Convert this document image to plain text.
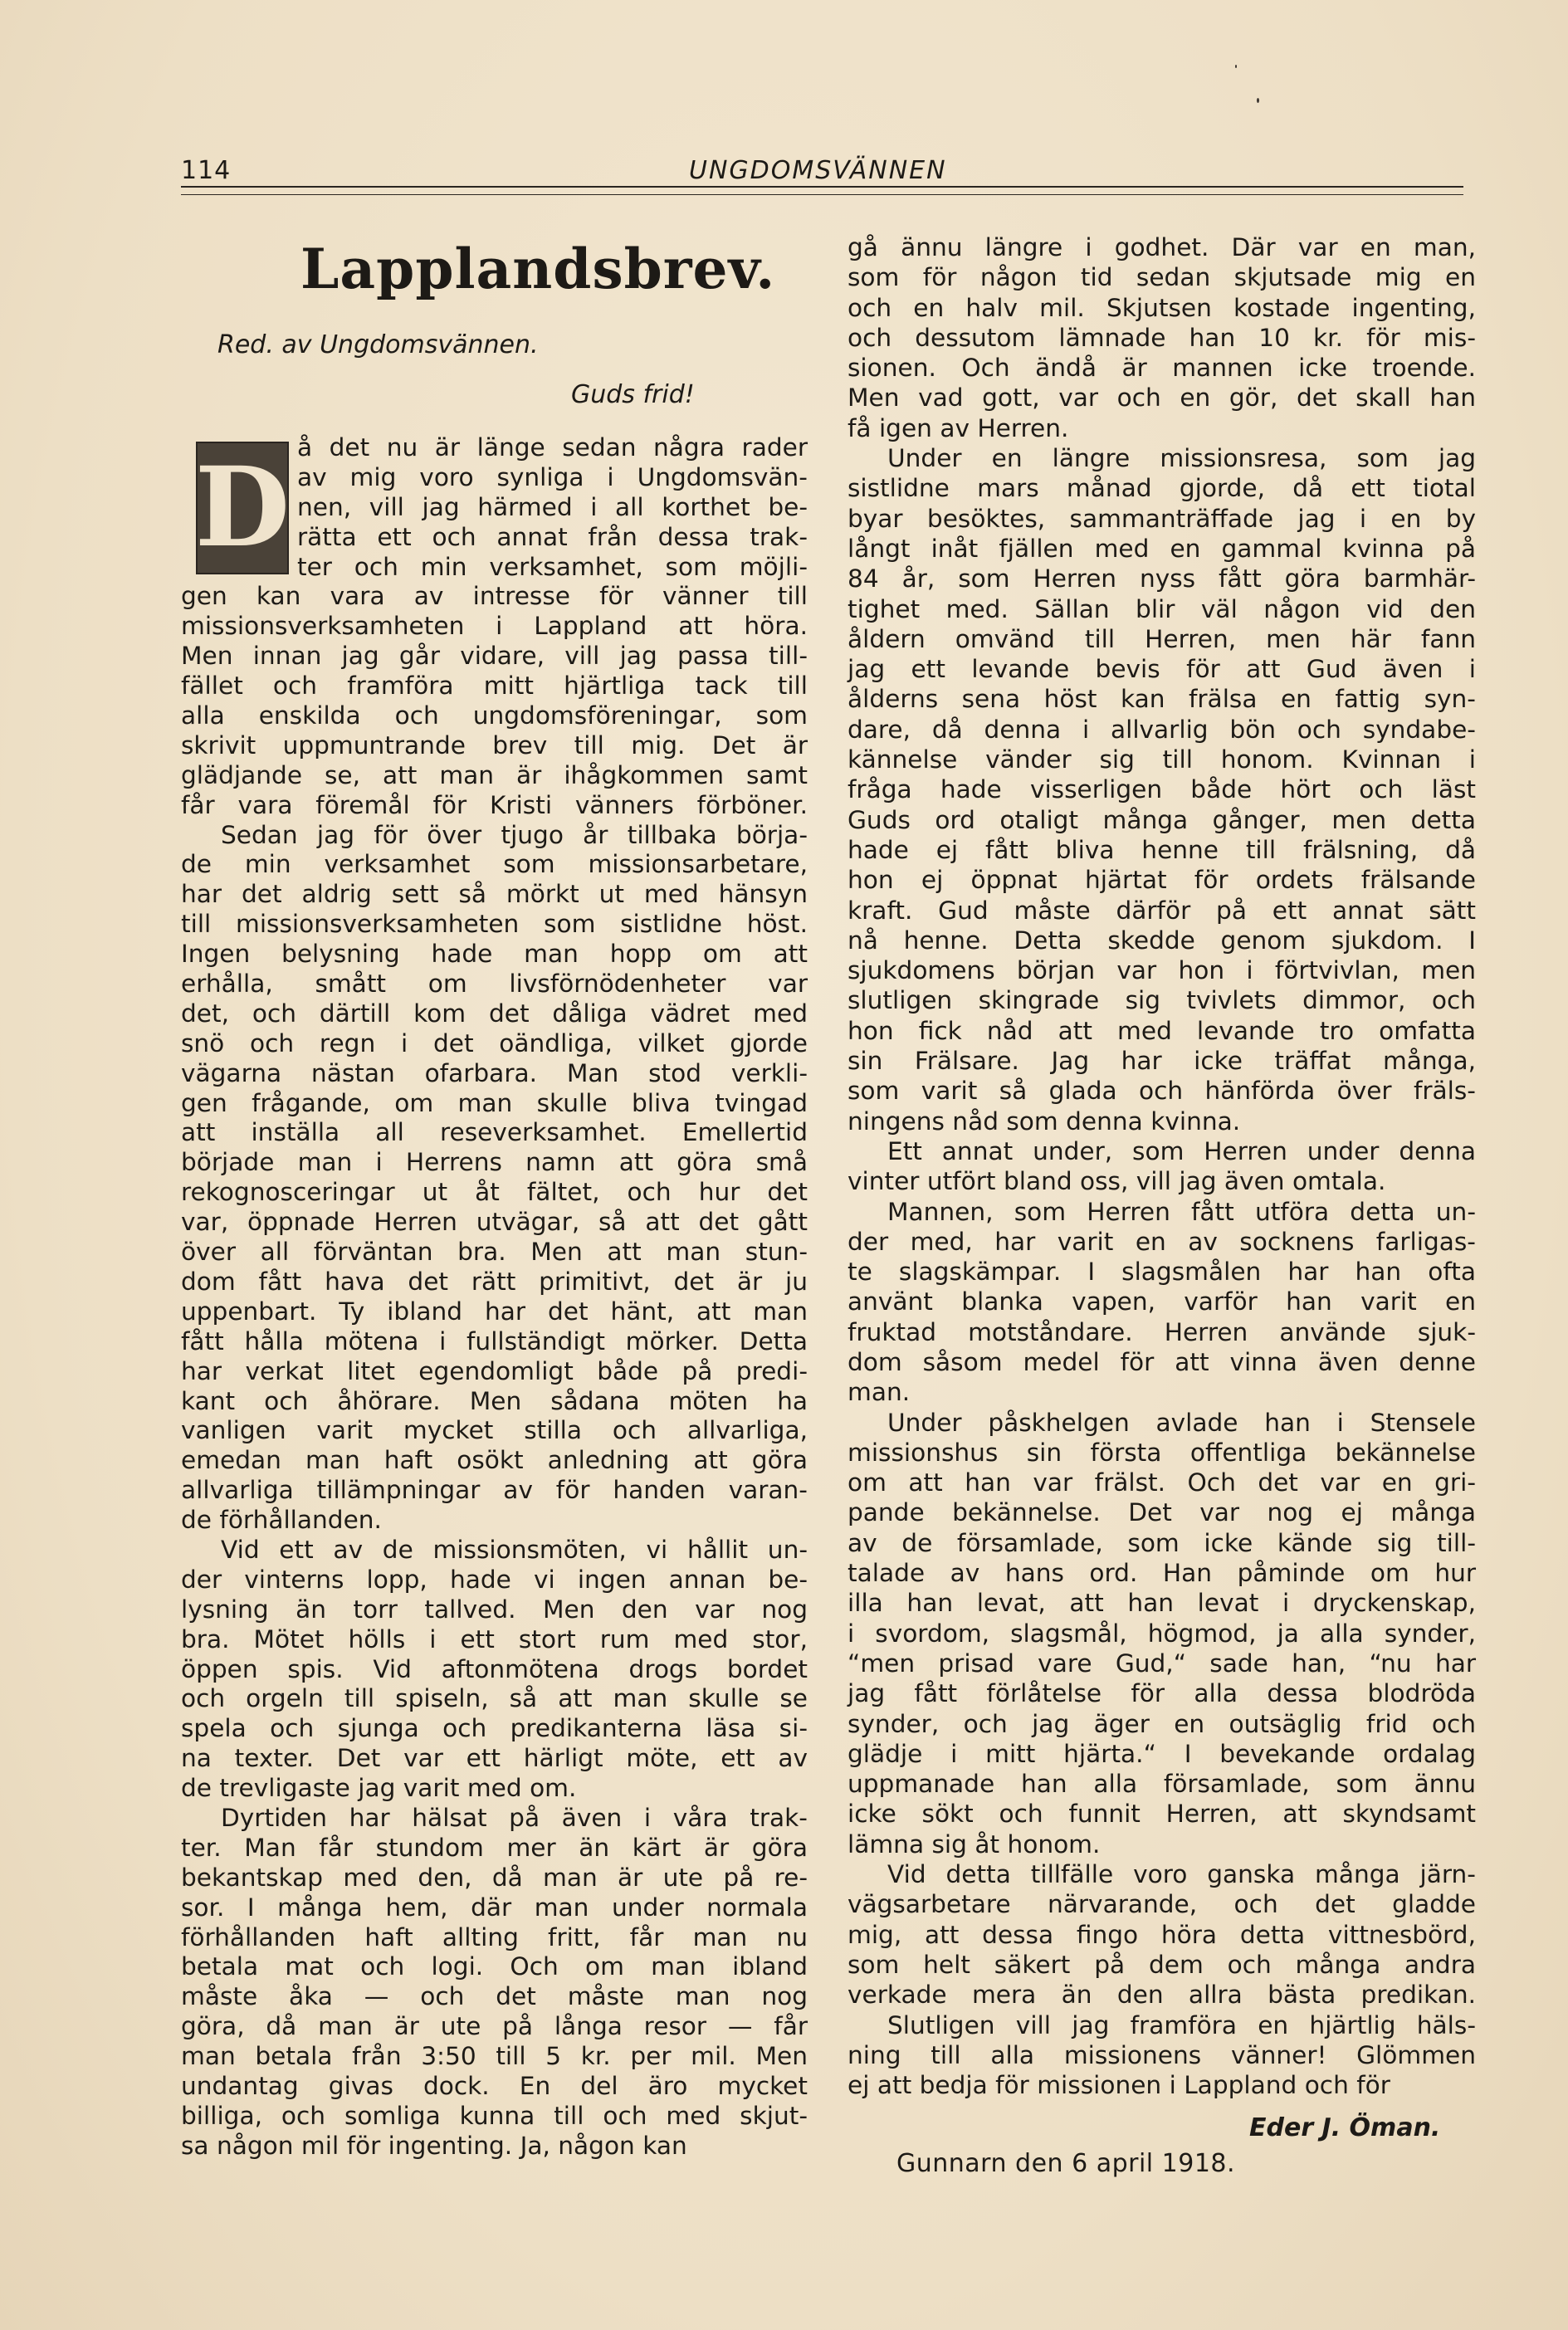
114	UNGDOMSVÄNNEN
Lapplandsbrev.
Red. av Ungdomsvännen.
Guds frid!
D å det nu är länge sedan några rader
av mig voro synliga i Ungdomsvän-
nen, vill jag härmed i all korthet be-
rätta ett och annat från dessa trak-
ter och min verksamhet, som möjli-
gen kan vara av intresse för vänner till
missionsverksamheten i Lappland att höra.
Men innan jag går vidare, vill jag passa till-
fället och framföra mitt hjärtliga tack till
alla enskilda och ungdomsföreningar, som
skrivit uppmuntrande brev till mig. Det är
glädjande se, att man är ihågkommen samt
får vara föremål för Kristi vänners förböner.
Sedan jag för över tjugo år tillbaka börja-
de min verksamhet som missionsarbetare,
har det aldrig sett så mörkt ut med hänsyn
till missionsverksamheten som sistlidne höst.
Ingen belysning hade man hopp om att
erhålla, smått om livsförnödenheter var
det, och därtill kom det dåliga vädret med
snö och regn i det oändliga, vilket gjorde
vägarna nästan ofarbara. Man stod verkli-
gen frågande, om man skulle bliva tvingad
att inställa all reseverksamhet. Emellertid
började man i Herrens namn att göra små
rekognosceringar ut åt fältet, och hur det
var, öppnade Herren utvägar, så att det gått
över all förväntan bra. Men att man stun-
dom fått hava det rätt primitivt, det är ju
uppenbart. Ty ibland har det hänt, att man
fått hålla mötena i fullständigt mörker. Detta
har verkat litet egendomligt både på predi-
kant och åhörare. Men sådana möten ha
vanligen varit mycket stilla och allvarliga,
emedan man haft osökt anledning att göra
allvarliga tillämpningar av för handen varan-
de förhållanden.
Vid ett av de missionsmöten, vi hållit un-
der vinterns lopp, hade vi ingen annan be-
lysning än torr tallved. Men den var nog
bra. Mötet hölls i ett stort rum med stor,
öppen spis. Vid aftonmötena drogs bordet
och orgeln till spiseln, så att man skulle se
spela och sjunga och predikanterna läsa si-
na texter. Det var ett härligt möte, ett av
de trevligaste jag varit med om.
Dyrtiden har hälsat på även i våra trak-
ter. Man får stundom mer än kärt är göra
bekantskap med den, då man är ute på re-
sor. I många hem, där man under normala
förhållanden haft allting fritt, får man nu
betala mat och logi. Och om man ibland
måste åka — och det måste man nog
göra, då man är ute på långa resor — får
man betala från 3:50 till 5 kr. per mil. Men
undantag givas dock. En del äro mycket
billiga, och somliga kunna till och med skjut-
sa någon mil för ingenting. Ja, någon kan
gå ännu längre i godhet. Där var en man,
som för någon tid sedan skjutsade mig en
och en halv mil. Skjutsen kostade ingenting,
och dessutom lämnade han 10 kr. för mis-
sionen. Och ändå är mannen icke troende.
Men vad gott, var och en gör, det skall han
få igen av Herren.
Under en längre missionsresa, som jag
sistlidne mars månad gjorde, då ett tiotal
byar besöktes, sammanträffade jag i en by
långt inåt fjällen med en gammal kvinna på
84 år, som Herren nyss fått göra barmhär-
tighet med. Sällan blir väl någon vid den
åldern omvänd till Herren, men här fann
jag ett levande bevis för att Gud även i
ålderns sena höst kan frälsa en fattig syn-
dare, då denna i allvarlig bön och syndabe-
kännelse vänder sig till honom. Kvinnan i
fråga hade visserligen både hört och läst
Guds ord otaligt många gånger, men detta
hade ej fått bliva henne till frälsning, då
hon ej öppnat hjärtat för ordets frälsande
kraft. Gud måste därför på ett annat sätt
nå henne. Detta skedde genom sjukdom. I
sjukdomens början var hon i förtvivlan, men
slutligen skingrade sig tvivlets dimmor, och
hon fick nåd att med levande tro omfatta
sin Frälsare. Jag har icke träffat många,
som varit så glada och hänförda över fräls-
ningens nåd som denna kvinna.
Ett annat under, som Herren under denna
vinter utfört bland oss, vill jag även omtala.
Mannen, som Herren fått utföra detta un-
der med, har varit en av socknens farligas-
te slagskämpar. I slagsmålen har han ofta
använt blanka vapen, varför han varit en
fruktad motståndare. Herren använde sjuk-
dom såsom medel för att vinna även denne
man.
Under påskhelgen avlade han i Stensele
missionshus sin första offentliga bekännelse
om att han var frälst. Och det var en gri-
pande bekännelse. Det var nog ej många
av de församlade, som icke kände sig till-
talade av hans ord. Han påminde om hur
illa han levat, att han levat i dryckenskap,
i svordom, slagsmål, högmod, ja alla synder,
“men prisad vare Gud,“ sade han, “nu har
jag fått förlåtelse för alla dessa blodröda
synder, och jag äger en outsäglig frid och
glädje i mitt hjärta.“ I bevekande ordalag
uppmanade han alla församlade, som ännu
icke sökt och funnit Herren, att skyndsamt
lämna sig åt honom.
Vid detta tillfälle voro ganska många järn-
vägsarbetare närvarande, och det gladde
mig, att dessa fingo höra detta vittnesbörd,
som helt säkert på dem och många andra
verkade mera än den allra bästa predikan.
Slutligen vill jag framföra en hjärtlig häls-
ning till alla missionens vänner! Glömmen
ej att bedja för missionen i Lappland och för
Eder J. Öman.
Gunnarn den 6 april 1918.
